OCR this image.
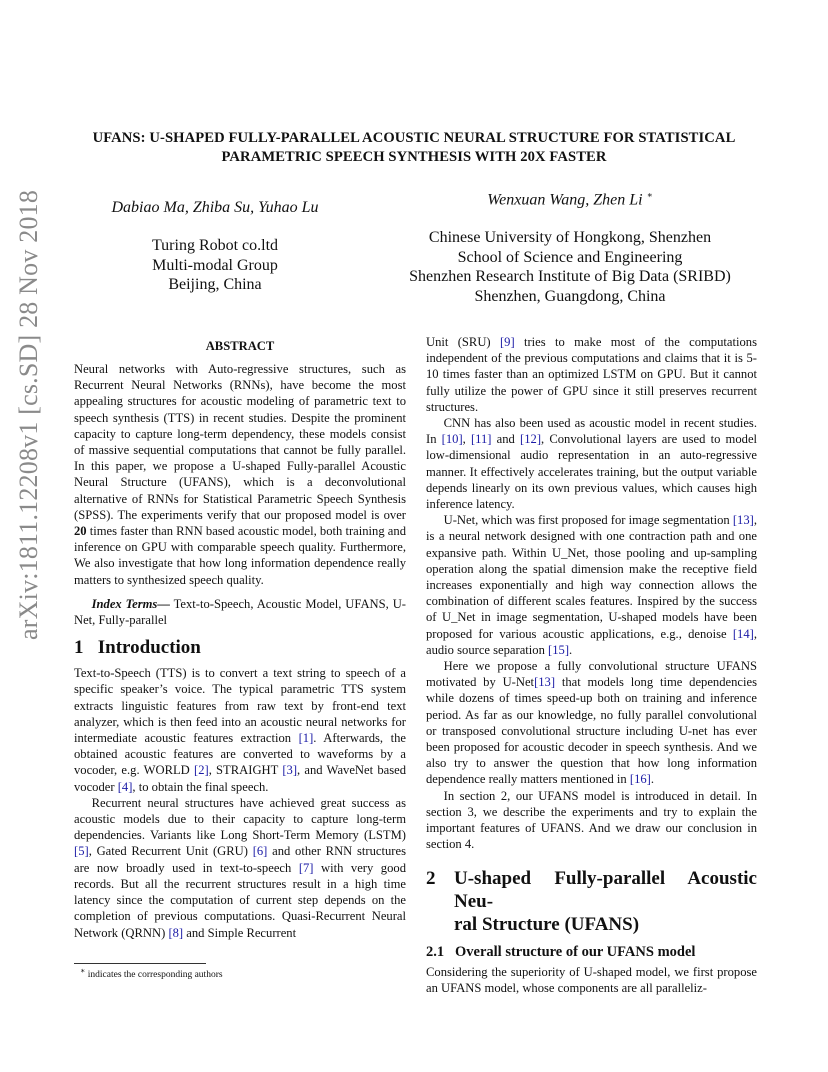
arXiv:1811.12208v1 [cs.SD] 28 Nov 2018
UFANS: U-SHAPED FULLY-PARALLEL ACOUSTIC NEURAL STRUCTURE FOR STATISTICAL PARAMETRIC SPEECH SYNTHESIS WITH 20X FASTER
Dabiao Ma, Zhiba Su, Yuhao Lu
Turing Robot co.ltd
Multi-modal Group
Beijing, China
Wenxuan Wang, Zhen Li ∗
Chinese University of Hongkong, Shenzhen
School of Science and Engineering
Shenzhen Research Institute of Big Data (SRIBD)
Shenzhen, Guangdong, China
ABSTRACT

Neural networks with Auto-regressive structures, such as Recurrent Neural Networks (RNNs), have become the most appealing structures for acoustic modeling of parametric text to speech synthesis (TTS) in recent studies. Despite the prominent capacity to capture long-term dependency, these models consist of massive sequential computations that cannot be fully parallel. In this paper, we propose a U-shaped Fully-parallel Acoustic Neural Structure (UFANS), which is a deconvolutional alternative of RNNs for Statistical Parametric Speech Synthesis (SPSS). The experiments verify that our proposed model is over 20 times faster than RNN based acoustic model, both training and inference on GPU with comparable speech quality. Furthermore, We also investigate that how long information dependence really matters to synthesized speech quality.

Index Terms— Text-to-Speech, Acoustic Model, UFANS, U-Net, Fully-parallel

1 Introduction

Text-to-Speech (TTS) is to convert a text string to speech of a specific speaker’s voice. The typical parametric TTS system extracts linguistic features from raw text by front-end text analyzer, which is then feed into an acoustic neural networks for intermediate acoustic features extraction [1]. Afterwards, the obtained acoustic features are converted to waveforms by a vocoder, e.g. WORLD [2], STRAIGHT [3], and WaveNet based vocoder [4], to obtain the final speech.

Recurrent neural structures have achieved great success as acoustic models due to their capacity to capture long-term dependencies. Variants like Long Short-Term Memory (LSTM) [5], Gated Recurrent Unit (GRU) [6] and other RNN structures are now broadly used in text-to-speech [7] with very good records. But all the recurrent structures result in a high time latency since the computation of current step depends on the completion of previous computations. Quasi-Recurrent Neural Network (QRNN) [8] and Simple Recurrent

∗ indicates the corresponding authors

Unit (SRU) [9] tries to make most of the computations independent of the previous computations and claims that it is 5-10 times faster than an optimized LSTM on GPU. But it cannot fully utilize the power of GPU since it still preserves recurrent structures.

CNN has also been used as acoustic model in recent studies. In [10], [11] and [12], Convolutional layers are used to model low-dimensional audio representation in an auto-regressive manner. It effectively accelerates training, but the output variable depends linearly on its own previous values, which causes high inference latency.

U-Net, which was first proposed for image segmentation [13], is a neural network designed with one contraction path and one expansive path. Within U_Net, those pooling and up-sampling operation along the spatial dimension make the receptive field increases exponentially and high way connection allows the combination of different scales features. Inspired by the success of U_Net in image segmentation, U-shaped models have been proposed for various acoustic applications, e.g., denoise [14], audio source separation [15].

Here we propose a fully convolutional structure UFANS motivated by U-Net[13] that models long time dependencies while dozens of times speed-up both on training and inference period. As far as our knowledge, no fully parallel convolutional or transposed convolutional structure including U-net has ever been proposed for acoustic decoder in speech synthesis. And we also try to answer the question that how long information dependence really matters mentioned in [16].

In section 2, our UFANS model is introduced in detail. In section 3, we describe the experiments and try to explain the important features of UFANS. And we draw our conclusion in section 4.

2 U-shaped Fully-parallel Acoustic Neu-
ral Structure (UFANS)
2.1 Overall structure of our UFANS model

Considering the superiority of U-shaped model, we first propose an UFANS model, whose components are all paralleliz-
